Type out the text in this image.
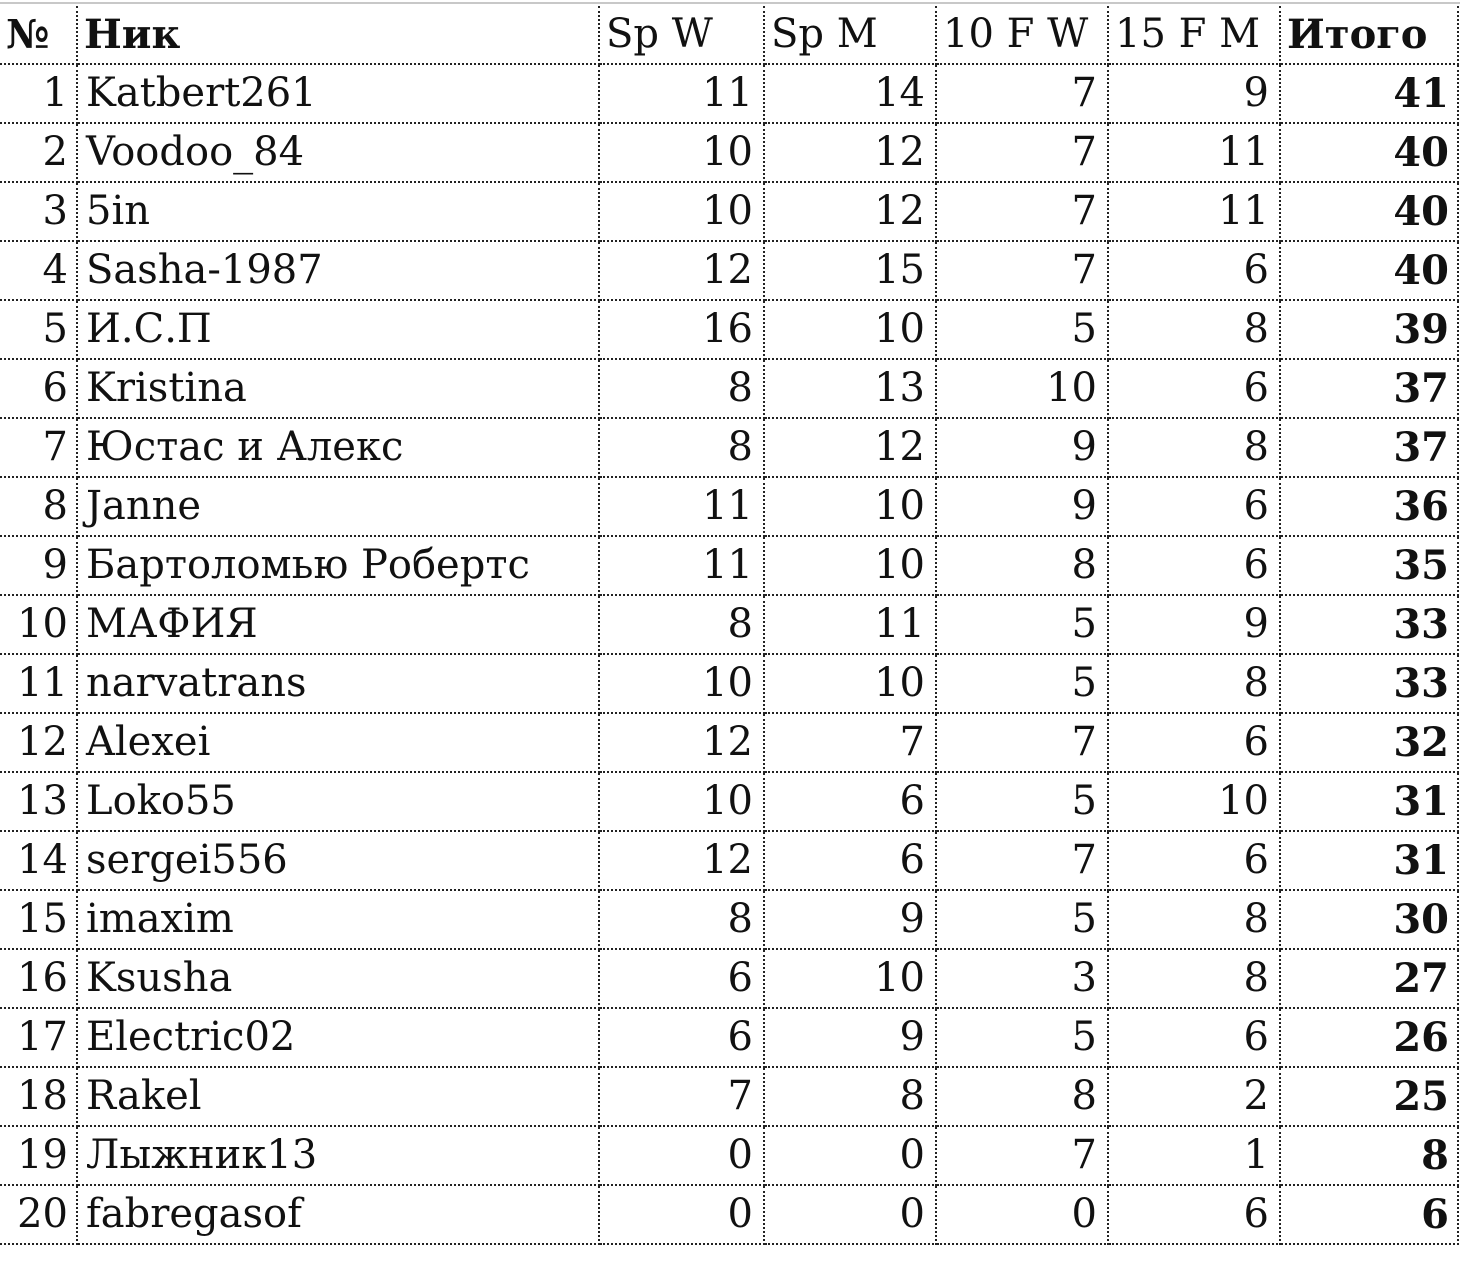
№	Ник	Sp W	Sp M	10 F W	15 F M	Итого
1	Katbert261	11	14	7	9	41
2	Voodoo_84	10	12	7	11	40
3	5in	10	12	7	11	40
4	Sasha-1987	12	15	7	6	40
5	И.С.П	16	10	5	8	39
6	Kristina	8	13	10	6	37
7	Юстас и Алекс	8	12	9	8	37
8	Janne	11	10	9	6	36
9	Бартоломью Робертс	11	10	8	6	35
10	МАФИЯ	8	11	5	9	33
11	narvatrans	10	10	5	8	33
12	Alexei	12	7	7	6	32
13	Loko55	10	6	5	10	31
14	sergei556	12	6	7	6	31
15	imaxim	8	9	5	8	30
16	Ksusha	6	10	3	8	27
17	Electric02	6	9	5	6	26
18	Rakel	7	8	8	2	25
19	Лыжник13	0	0	7	1	8
20	fabregasof	0	0	0	6	6
